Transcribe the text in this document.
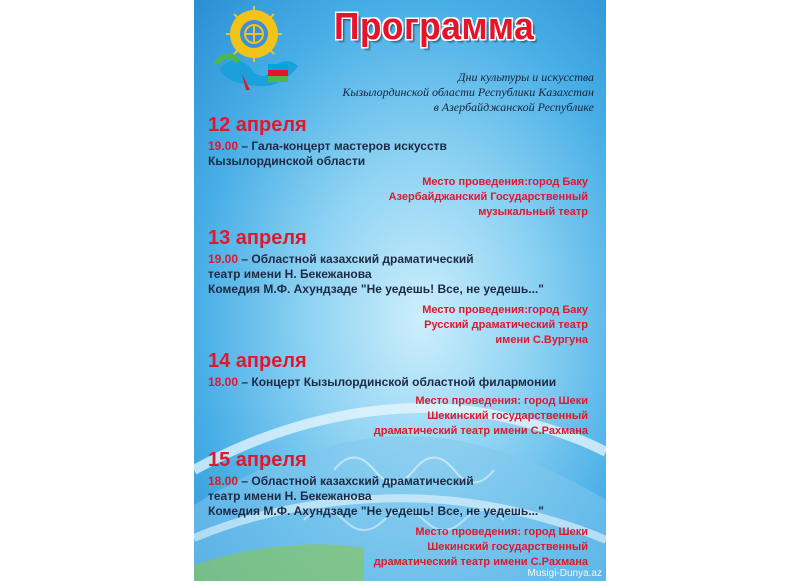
Программа
Дни культуры и искусства
Кызылординской области Республики Казахстан
в Азербайджанской Республике
12 апреля
19.00 – Гала-концерт мастеров искусств
Кызылординской области
Место проведения:город Баку
Азербайджанский Государственный
музыкальный театр
13 апреля
19.00 – Областной казахский драматический
театр имени Н. Бекежанова
Комедия М.Ф. Ахундзаде "Не уедешь! Все, не уедешь..."
Место проведения:город Баку
Русский драматический театр
имени С.Вургуна
14 апреля
18.00 – Концерт Кызылординской областной филармонии
Место проведения: город Шеки
Шекинский государственный
драматический театр имени С.Рахмана
15 апреля
18.00 – Областной казахский драматический
театр имени Н. Бекежанова
Комедия М.Ф. Ахундзаде "Не уедешь! Все, не уедешь..."
Место проведения: город Шеки
Шекинский государственный
драматический театр имени С.Рахмана
Musigi-Dunya.az
